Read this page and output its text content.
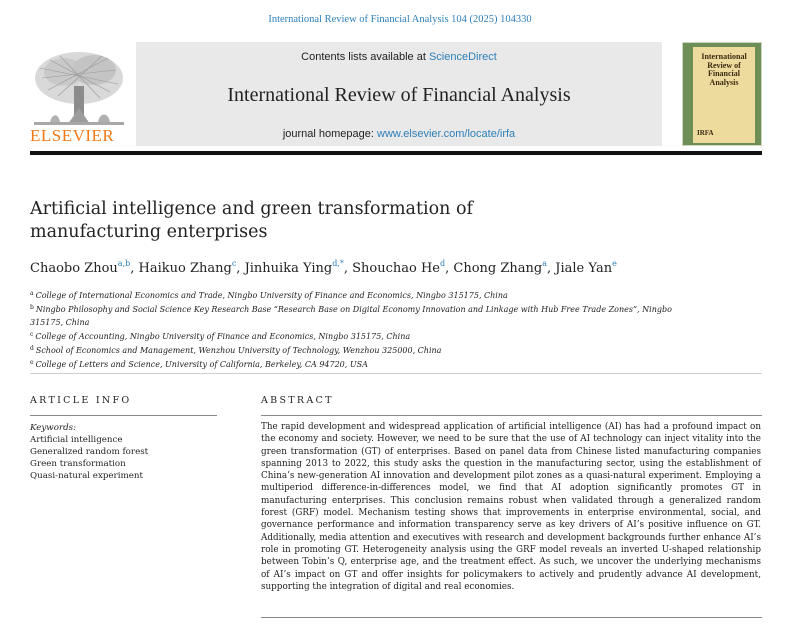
International Review of Financial Analysis 104 (2025) 104330
ELSEVIER
Contents lists available at ScienceDirect
International Review of Financial Analysis
journal homepage: www.elsevier.com/locate/irfa
International Review of Financial Analysis
IRFA
Artificial intelligence and green transformation of manufacturing enterprises
Chaobo Zhou$^{a,b}$, Haikuo Zhang$^c$, Jinhuika Ying$^{d,*}$, Shouchao He$^d$, Chong Zhang$^a$, Jiale Yan$^e$
$^a$ College of International Economics and Trade, Ningbo University of Finance and Economics, Ningbo 315175, China
$^b$ Ningbo Philosophy and Social Science Key Research Base “Research Base on Digital Economy Innovation and Linkage with Hub Free Trade Zones”, Ningbo 315175, China
$^c$ College of Accounting, Ningbo University of Finance and Economics, Ningbo 315175, China
$^d$ School of Economics and Management, Wenzhou University of Technology, Wenzhou 325000, China
$^e$ College of Letters and Science, University of California, Berkeley, CA 94720, USA
ARTICLE INFO	ABSTRACT
Keywords:
Artificial intelligence
Generalized random forest
Green transformation
Quasi-natural experiment
The rapid development and widespread application of artificial intelligence (AI) has had a profound impact on the economy and society. However, we need to be sure that the use of AI technology can inject vitality into the green transformation (GT) of enterprises. Based on panel data from Chinese listed manufacturing companies spanning 2013 to 2022, this study asks the question in the manufacturing sector, using the establishment of China’s new-generation AI innovation and development pilot zones as a quasi-natural experiment. Employing a multiperiod difference-in-differences model, we find that AI adoption significantly promotes GT in manufacturing enterprises. This conclusion remains robust when validated through a generalized random forest (GRF) model. Mechanism testing shows that improvements in enterprise environmental, social, and governance performance and information transparency serve as key drivers of AI’s positive influence on GT. Additionally, media attention and executives with research and development backgrounds further enhance AI’s role in promoting GT. Heterogeneity analysis using the GRF model reveals an inverted U-shaped relationship between Tobin’s Q, enterprise age, and the treatment effect. As such, we uncover the underlying mechanisms of AI’s impact on GT and offer insights for policymakers to actively and prudently advance AI development, supporting the integration of digital and real economies.
